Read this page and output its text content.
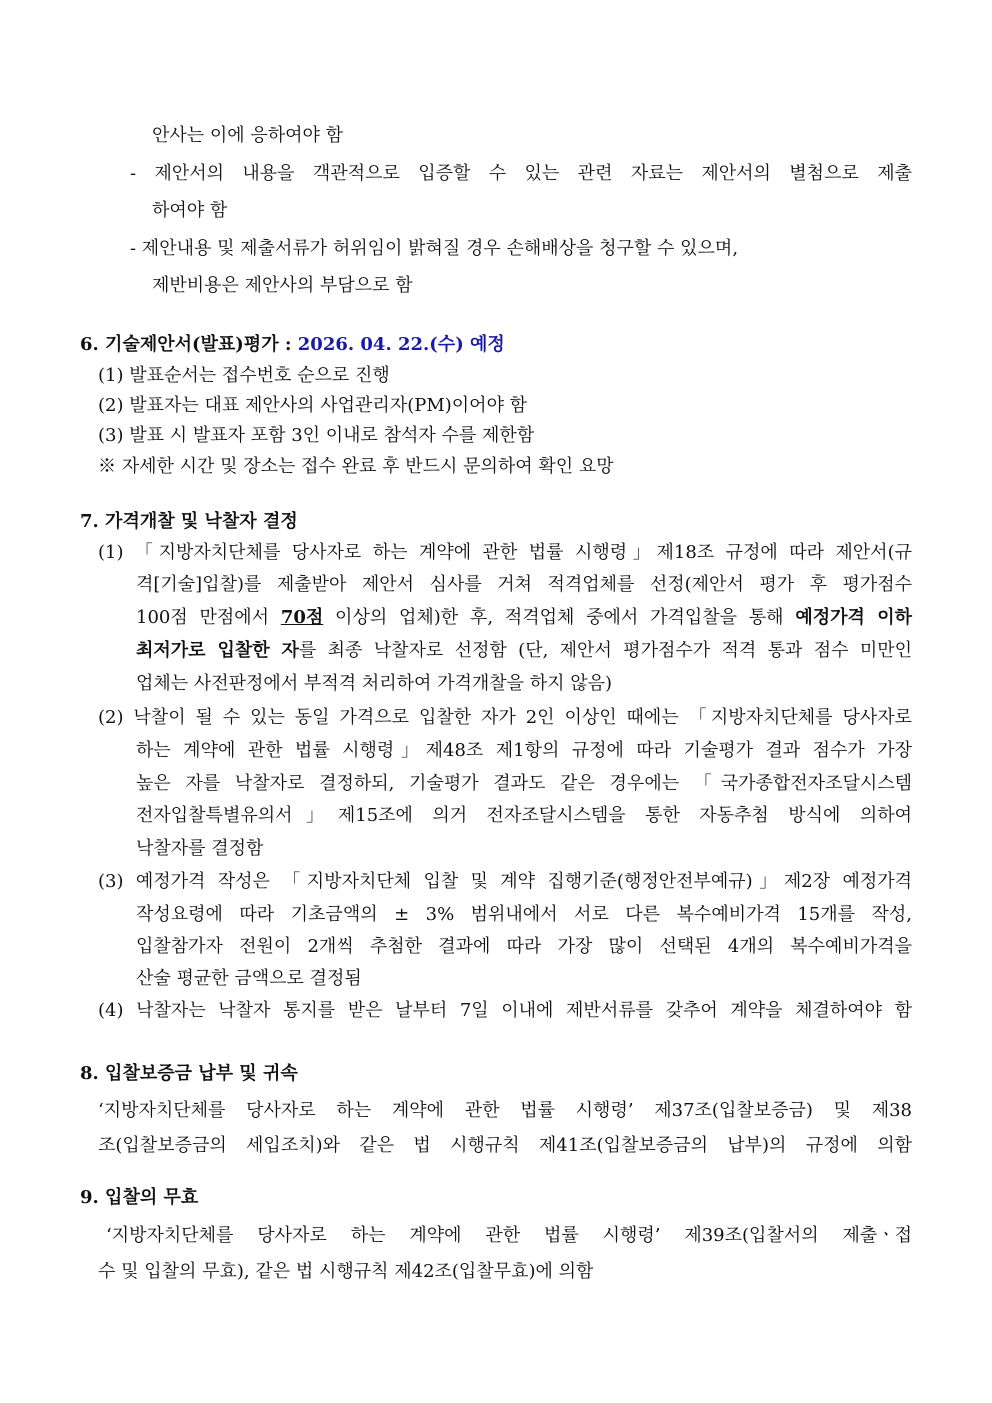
안사는 이에 응하여야 함
- 제안서의 내용을 객관적으로 입증할 수 있는 관련 자료는 제안서의 별첨으로 제출
하여야 함
- 제안내용 및 제출서류가 허위임이 밝혀질 경우 손해배상을 청구할 수 있으며,
제반비용은 제안사의 부담으로 함
6. 기술제안서(발표)평가 : 2026. 04. 22.(수) 예정
(1) 발표순서는 접수번호 순으로 진행
(2) 발표자는 대표 제안사의 사업관리자(PM)이어야 함
(3) 발표 시 발표자 포함 3인 이내로 참석자 수를 제한함
※ 자세한 시간 및 장소는 접수 완료 후 반드시 문의하여 확인 요망
7. 가격개찰 및 낙찰자 결정
(1) 「지방자치단체를 당사자로 하는 계약에 관한 법률 시행령」제18조 규정에 따라 제안서(규
격[기술]입찰)를 제출받아 제안서 심사를 거쳐 적격업체를 선정(제안서 평가 후 평가점수
100점 만점에서 70점 이상의 업체)한 후, 적격업체 중에서 가격입찰을 통해 예정가격 이하
최저가로 입찰한 자를 최종 낙찰자로 선정함 (단, 제안서 평가점수가 적격 통과 점수 미만인
업체는 사전판정에서 부적격 처리하여 가격개찰을 하지 않음)
(2) 낙찰이 될 수 있는 동일 가격으로 입찰한 자가 2인 이상인 때에는 「지방자치단체를 당사자로
하는 계약에 관한 법률 시행령」제48조 제1항의 규정에 따라 기술평가 결과 점수가 가장
높은 자를 낙찰자로 결정하되, 기술평가 결과도 같은 경우에는 「국가종합전자조달시스템
전자입찰특별유의서」제15조에 의거 전자조달시스템을 통한 자동추첨 방식에 의하여
낙찰자를 결정함
(3) 예정가격 작성은 「지방자치단체 입찰 및 계약 집행기준(행정안전부예규)」제2장 예정가격
작성요령에 따라 기초금액의 ± 3% 범위내에서 서로 다른 복수예비가격 15개를 작성,
입찰참가자 전원이 2개씩 추첨한 결과에 따라 가장 많이 선택된 4개의 복수예비가격을
산술 평균한 금액으로 결정됨
(4) 낙찰자는 낙찰자 통지를 받은 날부터 7일 이내에 제반서류를 갖추어 계약을 체결하여야 함
8. 입찰보증금 납부 및 귀속
‘지방자치단체를 당사자로 하는 계약에 관한 법률 시행령’ 제37조(입찰보증금) 및 제38
조(입찰보증금의 세입조치)와 같은 법 시행규칙 제41조(입찰보증금의 납부)의 규정에 의함
9. 입찰의 무효
‘지방자치단체를 당사자로 하는 계약에 관한 법률 시행령’ 제39조(입찰서의 제출ㆍ접
수 및 입찰의 무효), 같은 법 시행규칙 제42조(입찰무효)에 의함
